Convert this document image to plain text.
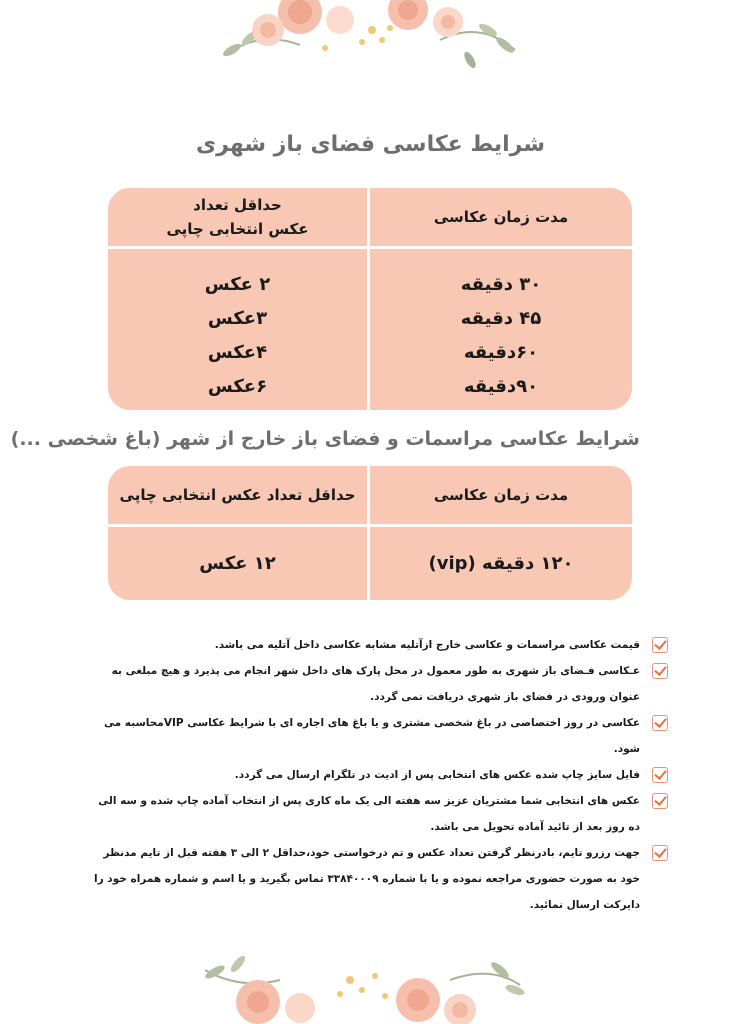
شرایط عکاسی فضای باز شهری
مدت زمان عکاسی
حداقل تعداد
عکس انتخابی چاپی
۳۰ دقیقه
۴۵ دقیقه
۶۰دقیقه
۹۰دقیقه
۲ عکس
۳عکس
۴عکس
۶عکس
شرایط عکاسی مراسمات و فضای باز خارج از شهر (باغ شخصی ...)
مدت زمان عکاسی
حداقل تعداد عکس انتخابی چاپی
۱۲۰ دقیقه (vip)
۱۲ عکس
قیمت عکاسی مراسمات و عکاسی خارج ازآتلیه مشابه عکاسی داخل آتلیه می باشد.
عـکاسی فـضای باز شهری به طور معمول در محل پارک های داخل شهر انجام می پذیرد و هیچ مبلغی به عنوان ورودی در فضای باز شهری دریافت نمی گردد.
عکاسی در روز اختصاصی در باغ شخصی مشتری و یا باغ های اجاره ای با شرایط عکاسی VIPمحاسبه می شود.
فایل سایز چاپ شده عکس های انتخابی پس از ادیت در تلگرام ارسال می گردد.
عکس های انتخابی شما مشتریان عزیز سه هفته الی یک ماه کاری پس از انتخاب آماده چاپ شده و سه الی ده روز بعد از تائید آماده تحویل می باشد.
جهت رزرو تایم، بادرنظر گرفتن تعداد عکس و تم درخواستی خود،حداقل ۲ الی ۳ هفته قبل از تایم مدنظر خود به صورت حضوری مراجعه نموده و یا با شماره ۳۳۸۴۰۰۰۹ تماس بگیرید و یا اسم و شماره همراه خود را دایرکت ارسال نمائید.
